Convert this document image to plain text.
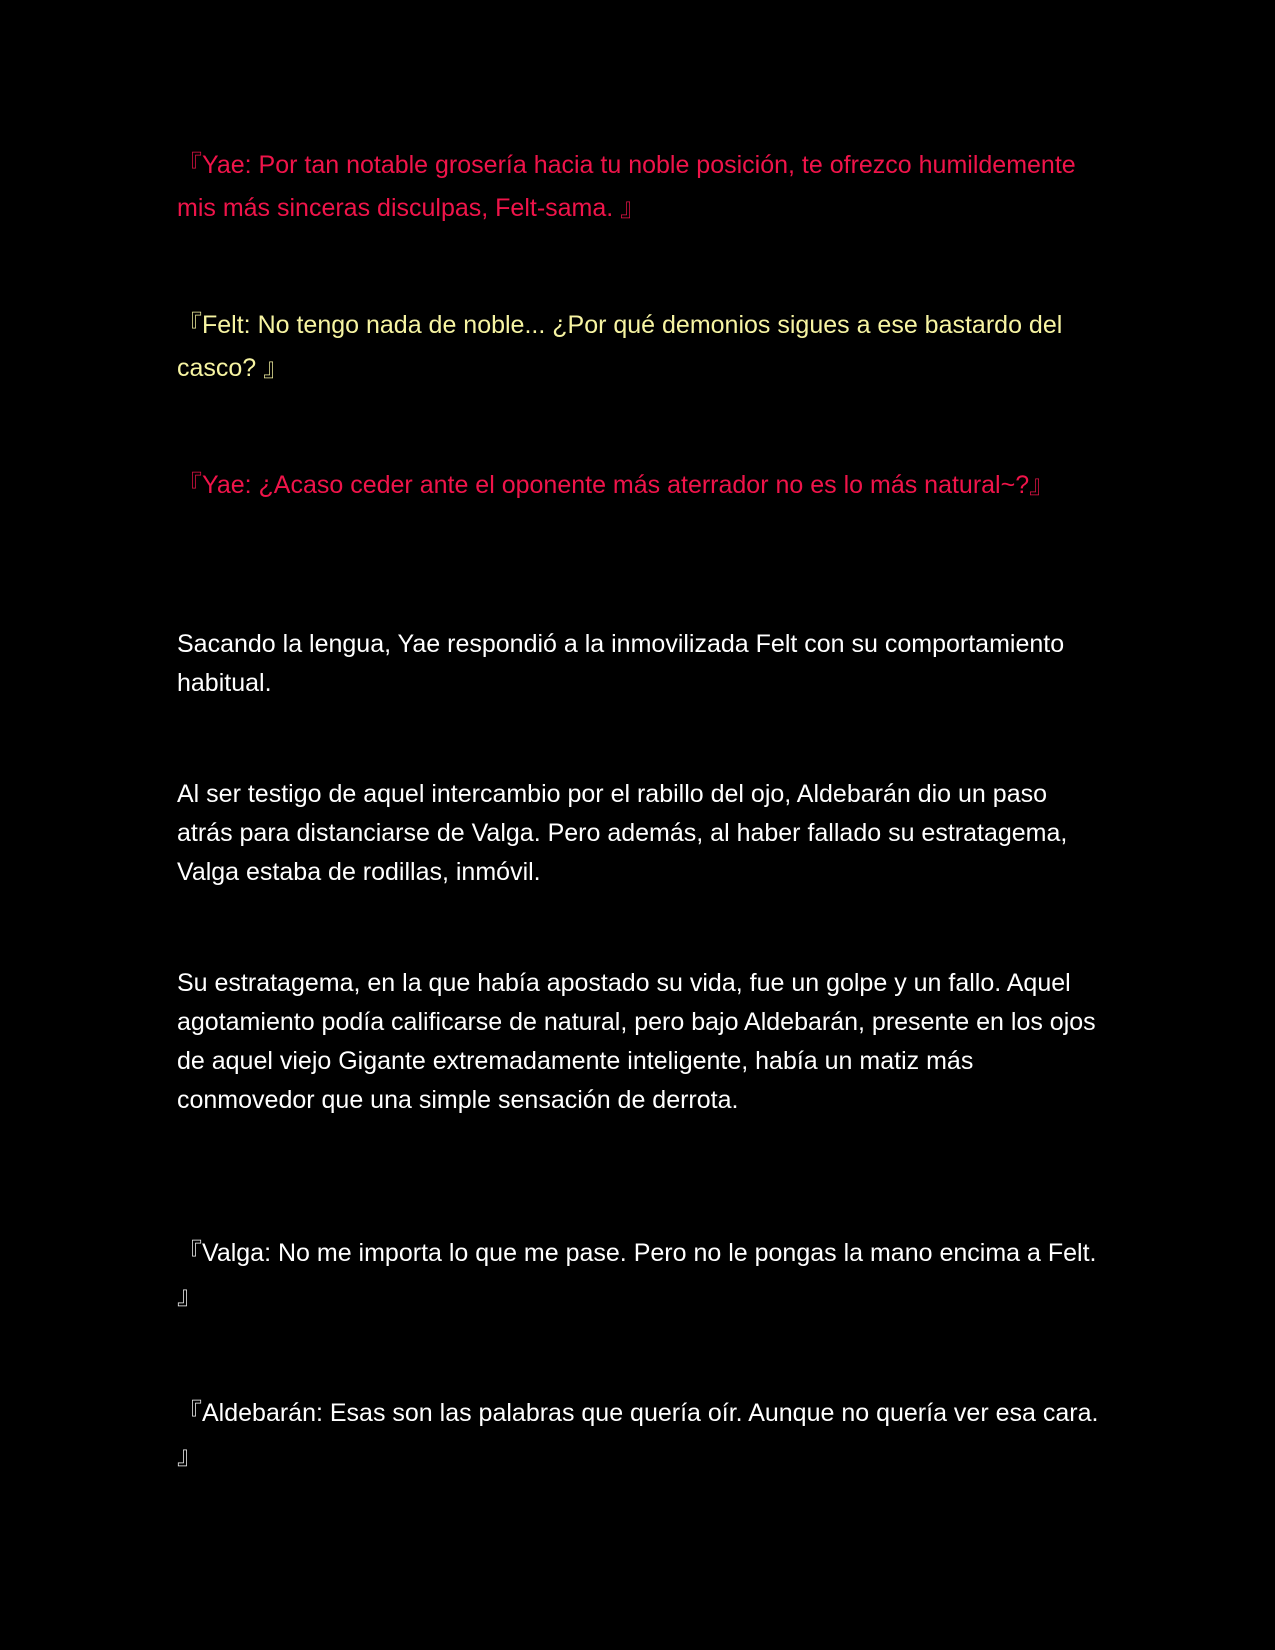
『Yae: Por tan notable grosería hacia tu noble posición, te ofrezco humildemente mis más sinceras disculpas, Felt-sama. 』

『Felt: No tengo nada de noble... ¿Por qué demonios sigues a ese bastardo del casco? 』

『Yae: ¿Acaso ceder ante el oponente más aterrador no es lo más natural~?』

Sacando la lengua, Yae respondió a la inmovilizada Felt con su comportamiento habitual.

Al ser testigo de aquel intercambio por el rabillo del ojo, Aldebarán dio un paso atrás para distanciarse de Valga. Pero además, al haber fallado su estratagema, Valga estaba de rodillas, inmóvil.

Su estratagema, en la que había apostado su vida, fue un golpe y un fallo. Aquel agotamiento podía calificarse de natural, pero bajo Aldebarán, presente en los ojos de aquel viejo Gigante extremadamente inteligente, había un matiz más conmovedor que una simple sensación de derrota.

『Valga: No me importa lo que me pase. Pero no le pongas la mano encima a Felt. 』

『Aldebarán: Esas son las palabras que quería oír. Aunque no quería ver esa cara. 』
